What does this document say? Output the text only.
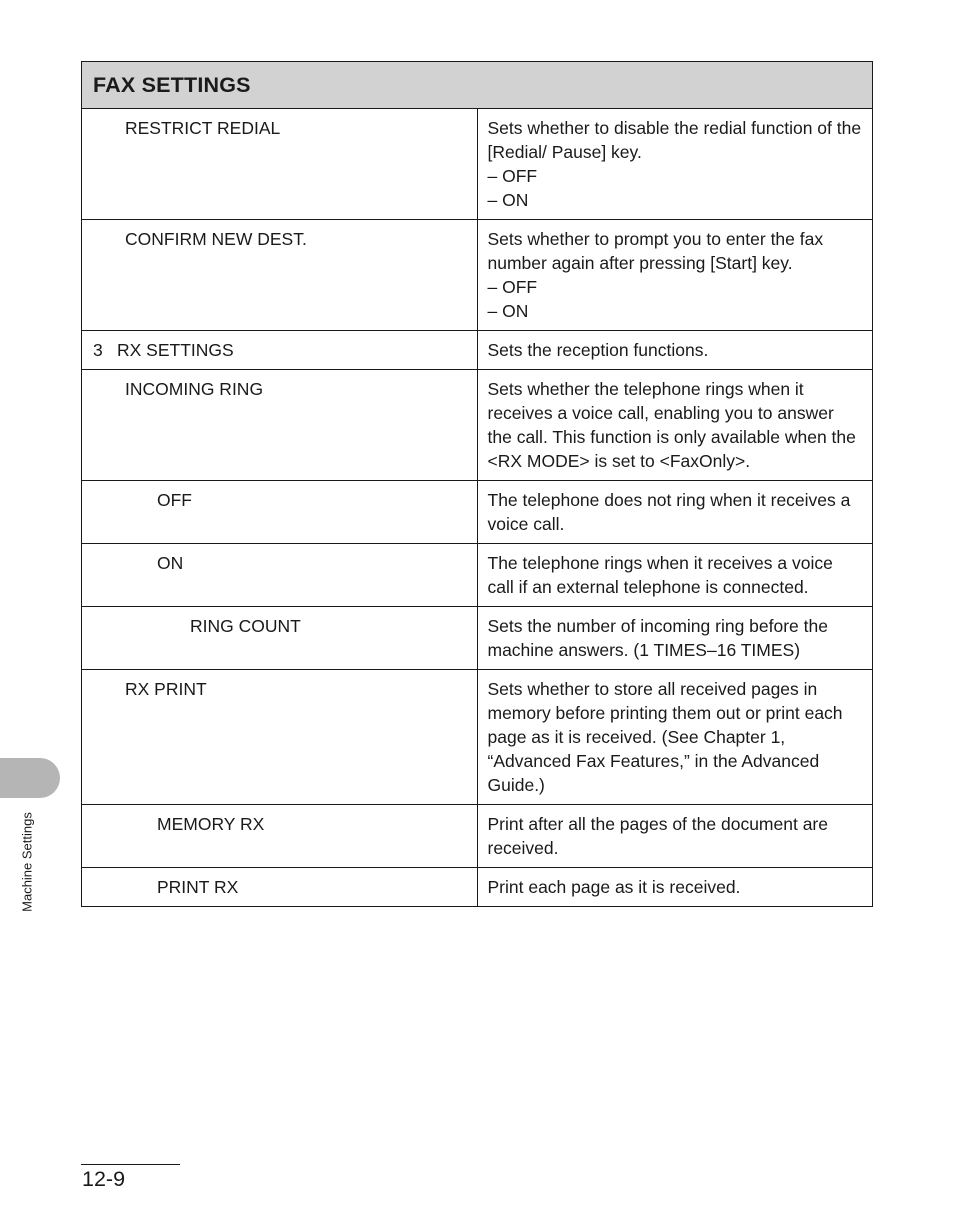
FAX SETTINGS	
RESTRICT REDIAL	Sets whether to disable the redial function of the [Redial/ Pause] key.
– OFF
– ON

CONFIRM NEW DEST.	Sets whether to prompt you to enter the fax number again after pressing [Start] key.
– OFF
– ON

3 RX SETTINGS	Sets the reception functions.
INCOMING RING	Sets whether the telephone rings when it receives a voice call, enabling you to answer the call. This function is only available when the <RX MODE> is set to <FaxOnly>.
OFF	The telephone does not ring when it receives a voice call.
ON	The telephone rings when it receives a voice call if an external telephone is connected.
RING COUNT	Sets the number of incoming ring before the machine answers. (1 TIMES–16 TIMES)
RX PRINT	Sets whether to store all received pages in memory before printing them out or print each page as it is received. (See Chapter 1, “Advanced Fax Features,” in the Advanced Guide.)
MEMORY RX	Print after all the pages of the document are received.
PRINT RX	Print each page as it is received.
Machine Settings
12-9
